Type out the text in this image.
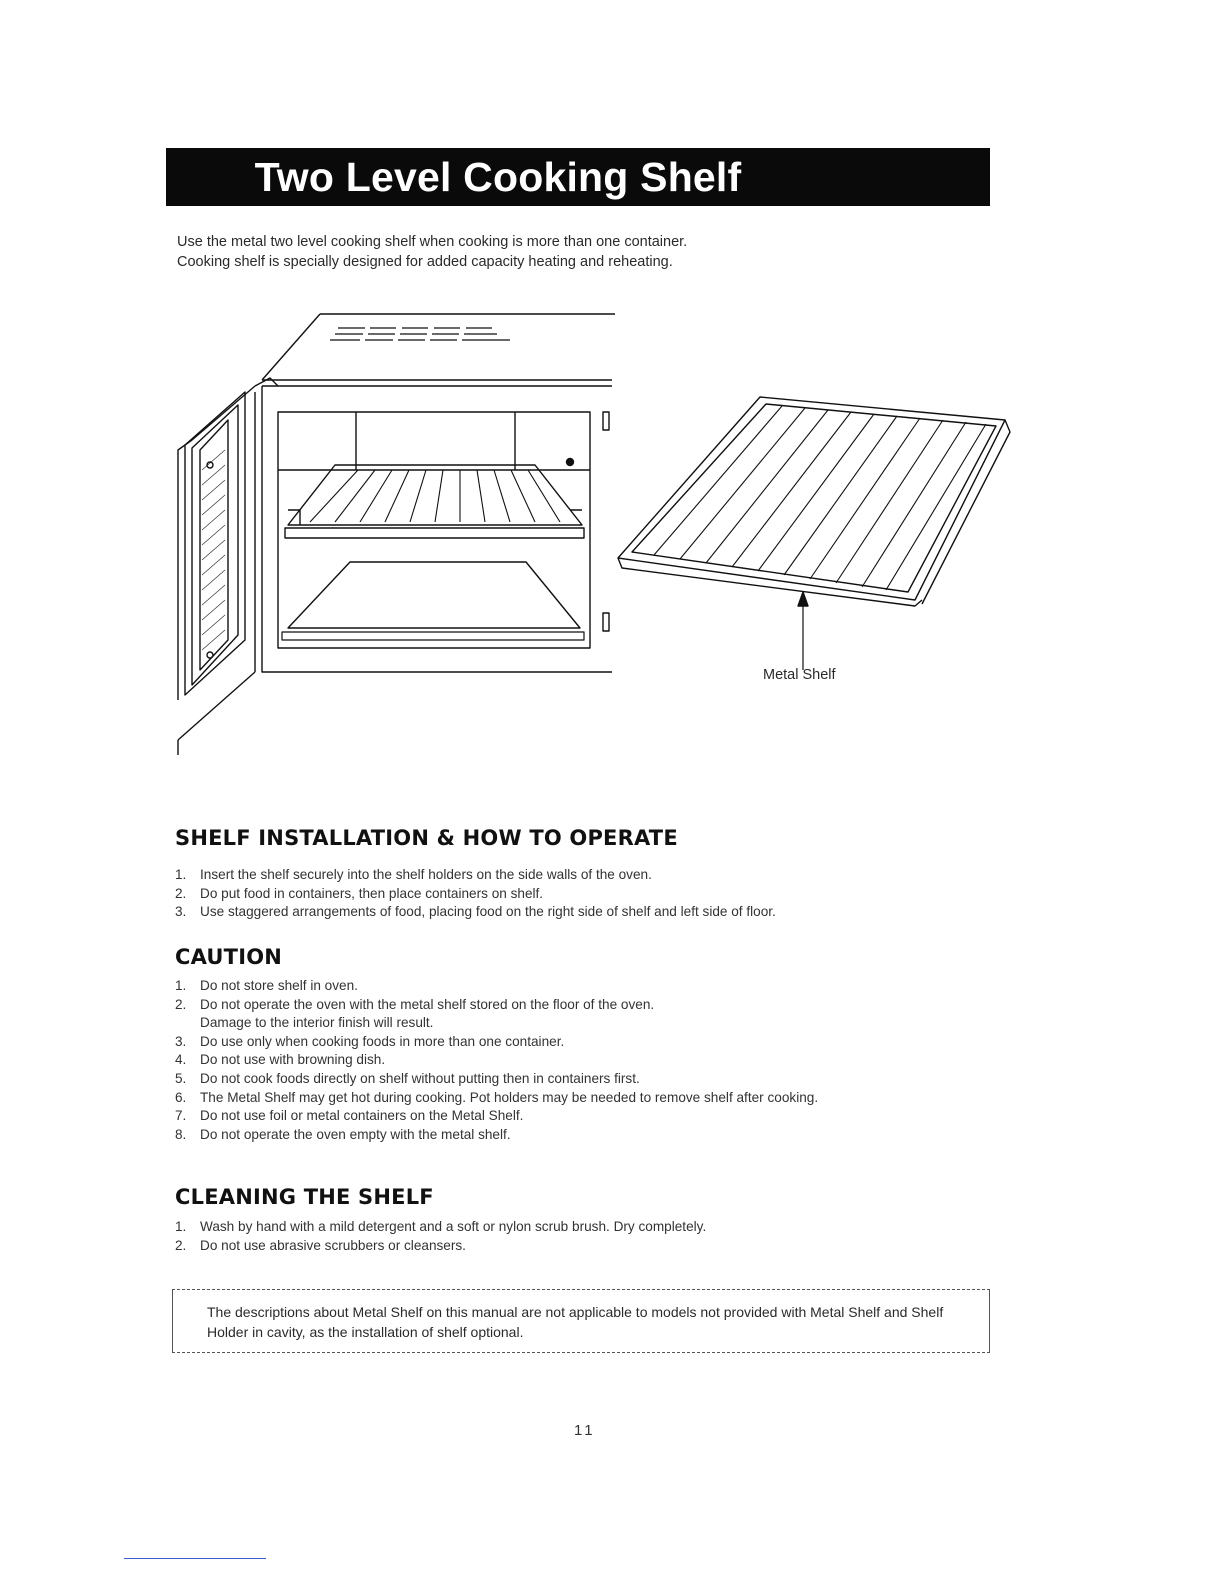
Two Level Cooking Shelf

Use the metal two level cooking shelf when cooking is more than one container.

Cooking shelf is specially designed for added capacity heating and reheating.

Metal Shelf
SHELF INSTALLATION & HOW TO OPERATE
1. Insert the shelf securely into the shelf holders on the side walls of the oven.
2. Do put food in containers, then place containers on shelf.
3. Use staggered arrangements of food, placing food on the right side of shelf and left side of floor.
CAUTION
1. Do not store shelf in oven.
2. Do not operate the oven with the metal shelf stored on the floor of the oven.
Damage to the interior finish will result.
3. Do use only when cooking foods in more than one container.
4. Do not use with browning dish.
5. Do not cook foods directly on shelf without putting then in containers first.
6. The Metal Shelf may get hot during cooking. Pot holders may be needed to remove shelf after cooking.
7. Do not use foil or metal containers on the Metal Shelf.
8. Do not operate the oven empty with the metal shelf.
CLEANING THE SHELF
1. Wash by hand with a mild detergent and a soft or nylon scrub brush. Dry completely.
2. Do not use abrasive scrubbers or cleansers.

The descriptions about Metal Shelf on this manual are not applicable to models not provided with Metal Shelf and Shelf Holder in cavity, as the installation of shelf optional.

11
